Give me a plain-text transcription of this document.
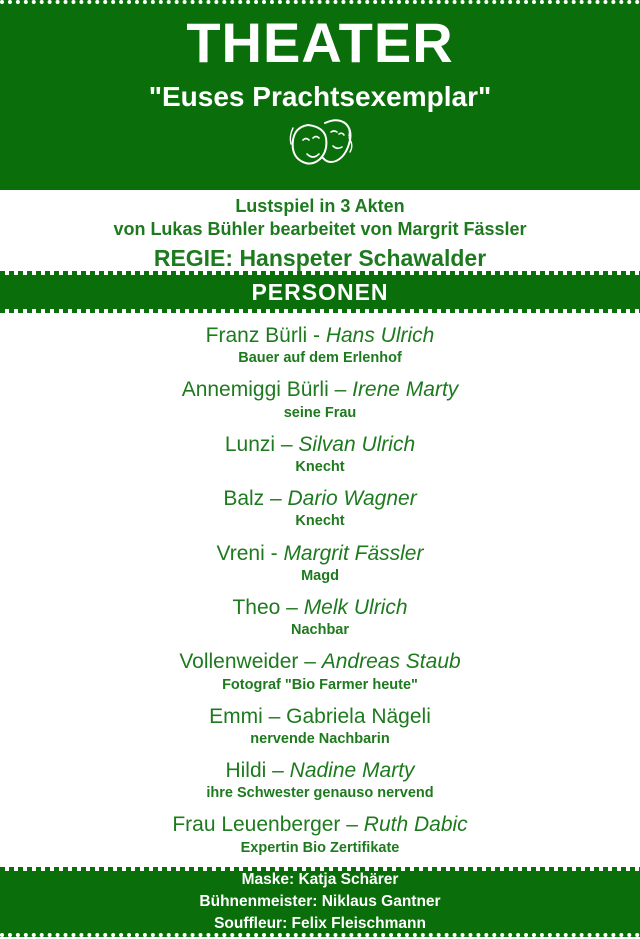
THEATER
"Euses Prachtsexemplar"
Lustspiel in 3 Akten
von Lukas Bühler bearbeitet von Margrit Fässler
REGIE: Hanspeter Schawalder
PERSONEN
Franz Bürli - Hans Ulrich
Bauer auf dem Erlenhof
Annemiggi Bürli – Irene Marty
seine Frau
Lunzi – Silvan Ulrich
Knecht
Balz – Dario Wagner
Knecht
Vreni - Margrit Fässler
Magd
Theo – Melk Ulrich
Nachbar
Vollenweider – Andreas Staub
Fotograf "Bio Farmer heute"
Emmi – Gabriela Nägeli
nervende Nachbarin
Hildi – Nadine Marty
ihre Schwester genauso nervend
Frau Leuenberger – Ruth Dabic
Expertin Bio Zertifikate
Maske: Katja Schärer
Bühnenmeister: Niklaus Gantner
Souffleur: Felix Fleischmann
